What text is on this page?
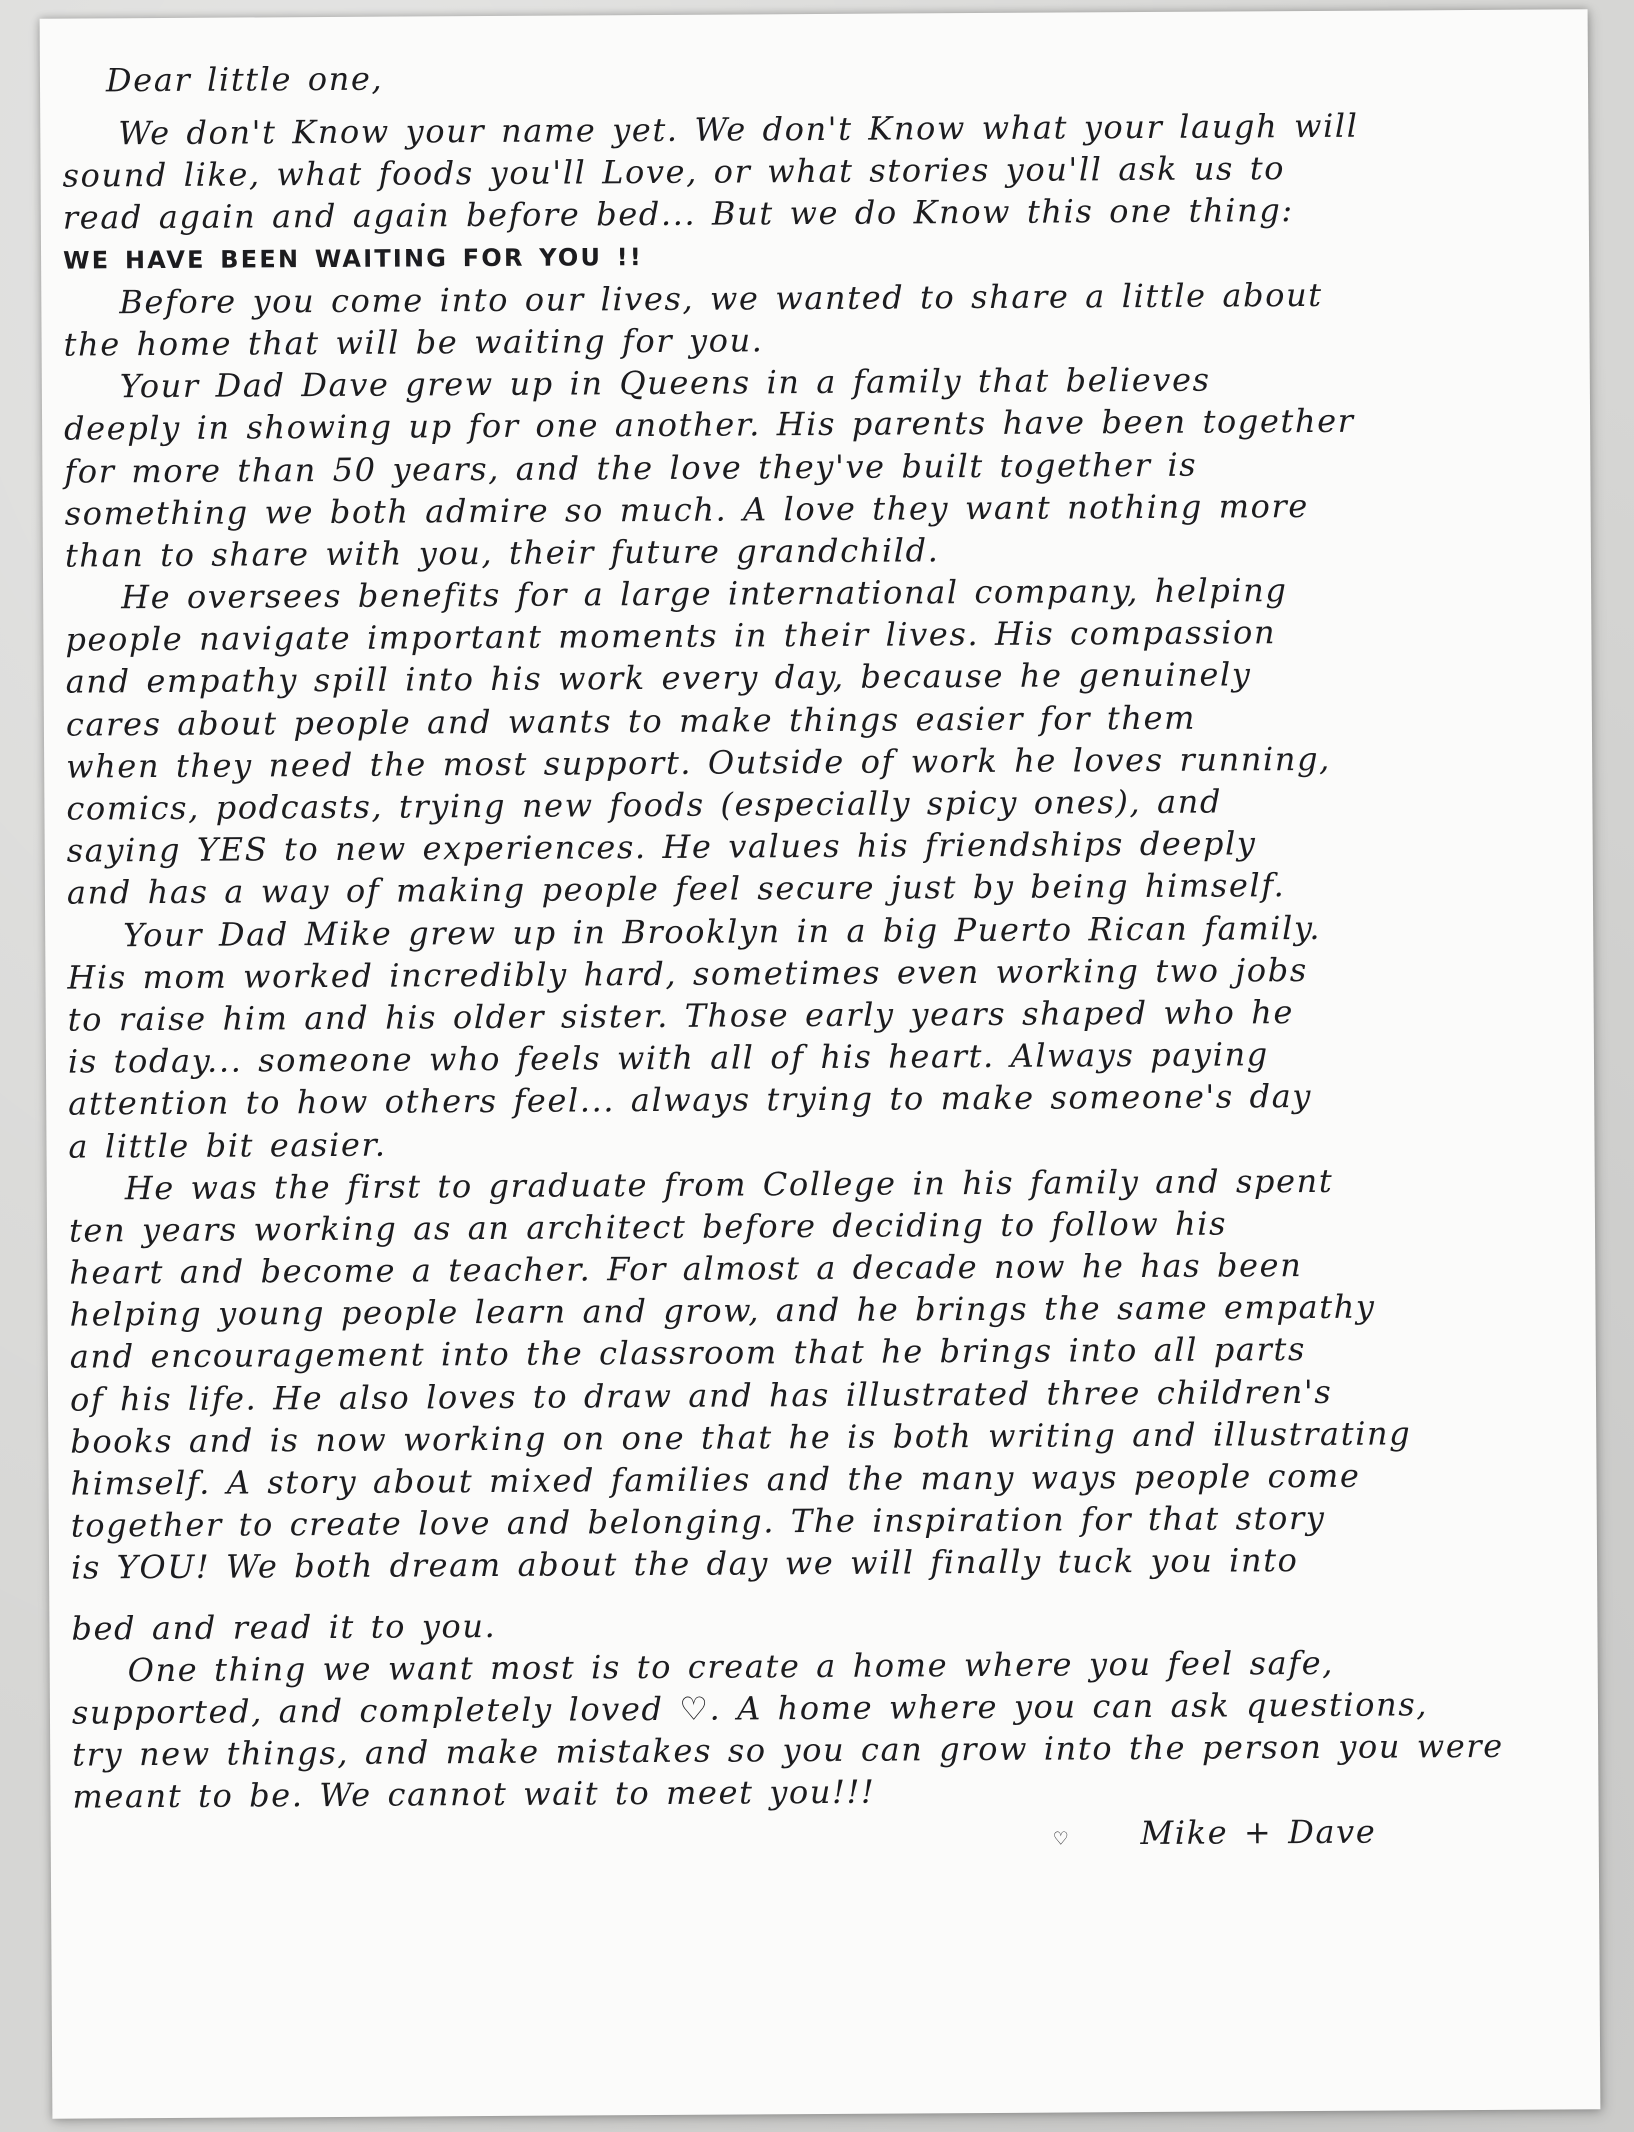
Dear little one,
We don't Know your name yet. We don't Know what your laugh will
sound like, what foods you'll Love, or what stories you'll ask us to
read again and again before bed... But we do Know this one thing:
WE HAVE BEEN WAITING FOR YOU !!
Before you come into our lives, we wanted to share a little about
the home that will be waiting for you.
Your Dad Dave grew up in Queens in a family that believes
deeply in showing up for one another. His parents have been together
for more than 50 years, and the love they've built together is
something we both admire so much. A love they want nothing more
than to share with you, their future grandchild.
He oversees benefits for a large international company, helping
people navigate important moments in their lives. His compassion
and empathy spill into his work every day, because he genuinely
cares about people and wants to make things easier for them
when they need the most support. Outside of work he loves running,
comics, podcasts, trying new foods (especially spicy ones), and
saying YES to new experiences. He values his friendships deeply
and has a way of making people feel secure just by being himself.
Your Dad Mike grew up in Brooklyn in a big Puerto Rican family.
His mom worked incredibly hard, sometimes even working two jobs
to raise him and his older sister. Those early years shaped who he
is today... someone who feels with all of his heart. Always paying
attention to how others feel... always trying to make someone's day
a little bit easier.
He was the first to graduate from College in his family and spent
ten years working as an architect before deciding to follow his
heart and become a teacher. For almost a decade now he has been
helping young people learn and grow, and he brings the same empathy
and encouragement into the classroom that he brings into all parts
of his life. He also loves to draw and has illustrated three children's
books and is now working on one that he is both writing and illustrating
himself. A story about mixed families and the many ways people come
together to create love and belonging. The inspiration for that story
is YOU! We both dream about the day we will finally tuck you into
bed and read it to you.
One thing we want most is to create a home where you feel safe,
supported, and completely loved ♡. A home where you can ask questions,
try new things, and make mistakes so you can grow into the person you were
meant to be. We cannot wait to meet you!!!
♡ Mike + Dave
